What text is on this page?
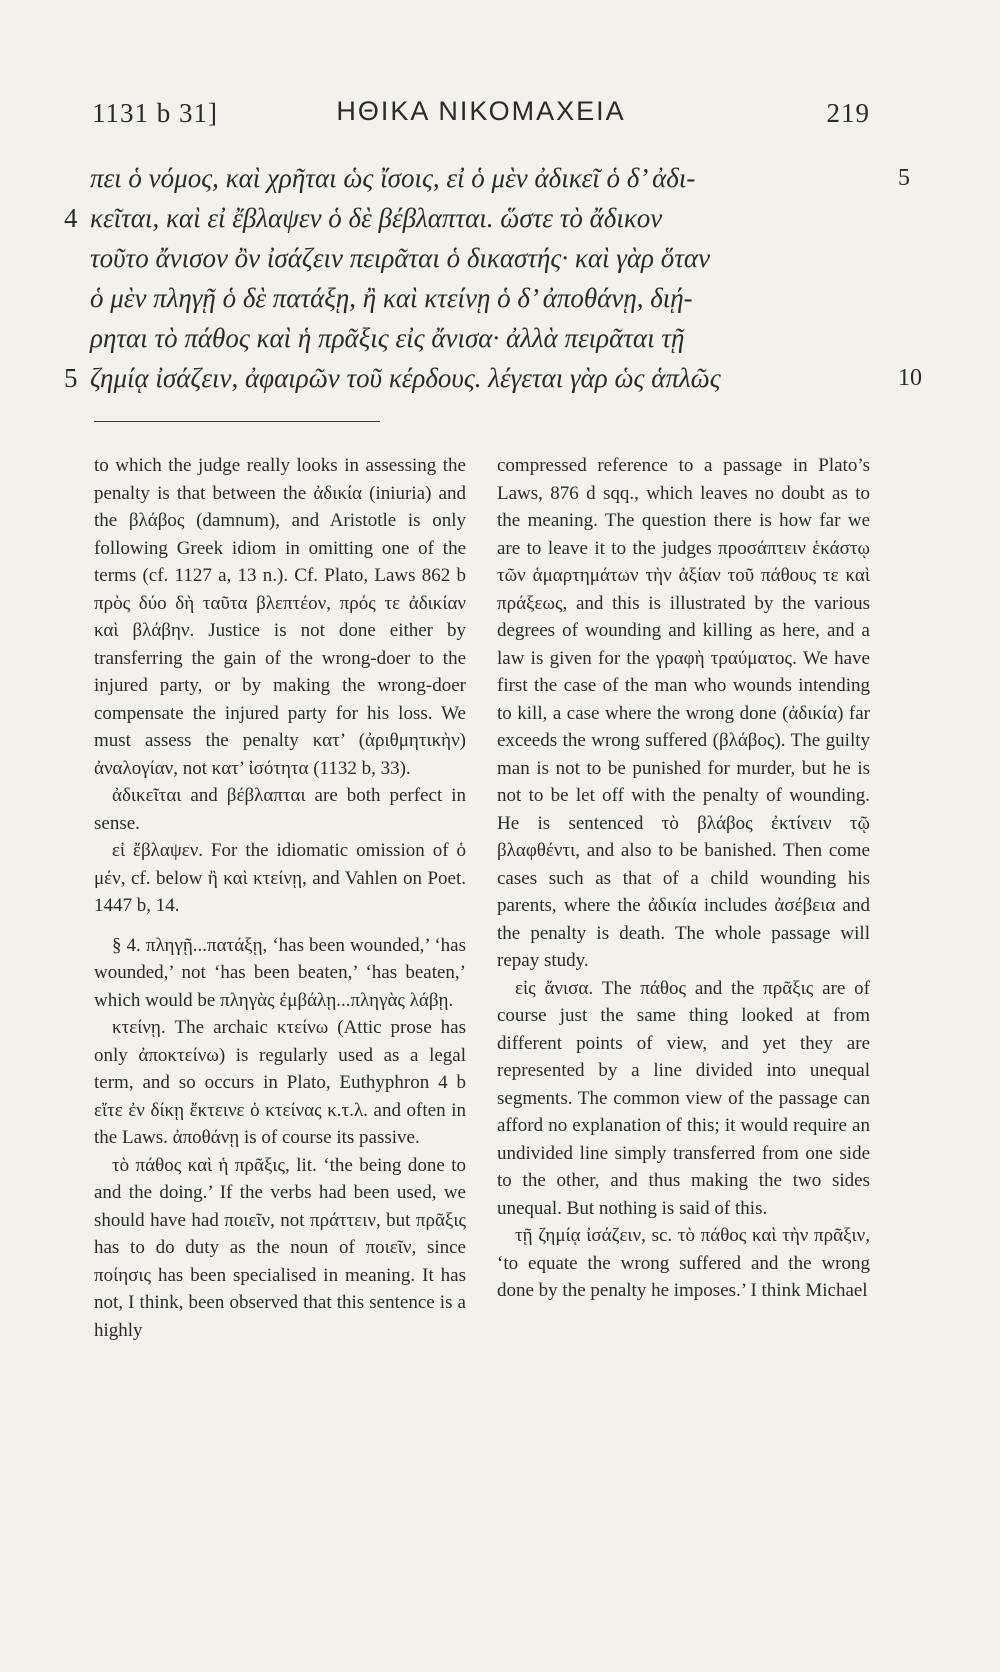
1131 b 31]	ΗΘΙΚΑ ΝΙΚΟΜΑΧΕΙΑ	219
πει ὁ νόμος, καὶ χρῆται ὡς ἴσοις, εἰ ὁ μὲν ἀδικεῖ ὁ δ’ ἀδι-	5
4 κεῖται, καὶ εἰ ἔβλαψεν ὁ δὲ βέβλαπται. ὥστε τὸ ἄδικον
τοῦτο ἄνισον ὂν ἰσάζειν πειρᾶται ὁ δικαστής· καὶ γὰρ ὅταν
ὁ μὲν πληγῇ ὁ δὲ πατάξῃ, ἢ καὶ κτείνῃ ὁ δ’ ἀποθάνῃ, διῄ-
ρηται τὸ πάθος καὶ ἡ πρᾶξις εἰς ἄνισα· ἀλλὰ πειρᾶται τῇ
5 ζημίᾳ ἰσάζειν, ἀφαιρῶν τοῦ κέρδους. λέγεται γὰρ ὡς ἁπλῶς	10

to which the judge really looks in assessing the penalty is that between the ἀδικία (iniuria) and the βλάβος (damnum), and Aristotle is only following Greek idiom in omitting one of the terms (cf. 1127 a, 13 n.). Cf. Plato, Laws 862 b πρὸς δύο δὴ ταῦτα βλεπτέον, πρός τε ἀδικίαν καὶ βλάβην. Justice is not done either by transferring the gain of the wrong-doer to the injured party, or by making the wrong-doer compensate the injured party for his loss. We must assess the penalty κατ’ (ἀριθμητικὴν) ἀναλογίαν, not κατ’ ἰσότητα (1132 b, 33).

ἀδικεῖται and βέβλαπται are both perfect in sense.

εἰ ἔβλαψεν. For the idiomatic omission of ὁ μέν, cf. below ἢ καὶ κτείνῃ, and Vahlen on Poet. 1447 b, 14.

§ 4. πληγῇ...πατάξῃ, ‘has been wounded,’ ‘has wounded,’ not ‘has been beaten,’ ‘has beaten,’ which would be πληγὰς ἐμβάλῃ...πληγὰς λάβῃ.

κτείνῃ. The archaic κτείνω (Attic prose has only ἀποκτείνω) is regularly used as a legal term, and so occurs in Plato, Euthyphron 4 b εἴτε ἐν δίκῃ ἔκτεινε ὁ κτείνας κ.τ.λ. and often in the Laws. ἀποθάνῃ is of course its passive.

τὸ πάθος καὶ ἡ πρᾶξις, lit. ‘the being done to and the doing.’ If the verbs had been used, we should have had ποιεῖν, not πράττειν, but πρᾶξις has to do duty as the noun of ποιεῖν, since ποίησις has been specialised in meaning. It has not, I think, been observed that this sentence is a highly

compressed reference to a passage in Plato’s Laws, 876 d sqq., which leaves no doubt as to the meaning. The question there is how far we are to leave it to the judges προσάπτειν ἑκάστῳ τῶν ἁμαρτημάτων τὴν ἀξίαν τοῦ πάθους τε καὶ πράξεως, and this is illustrated by the various degrees of wounding and killing as here, and a law is given for the γραφὴ τραύματος. We have first the case of the man who wounds intending to kill, a case where the wrong done (ἀδικία) far exceeds the wrong suffered (βλάβος). The guilty man is not to be punished for murder, but he is not to be let off with the penalty of wounding. He is sentenced τὸ βλάβος ἐκτίνειν τῷ βλαφθέντι, and also to be banished. Then come cases such as that of a child wounding his parents, where the ἀδικία includes ἀσέβεια and the penalty is death. The whole passage will repay study.

εἰς ἄνισα. The πάθος and the πρᾶξις are of course just the same thing looked at from different points of view, and yet they are represented by a line divided into unequal segments. The common view of the passage can afford no explanation of this; it would require an undivided line simply transferred from one side to the other, and thus making the two sides unequal. But nothing is said of this.

τῇ ζημίᾳ ἰσάζειν, sc. τὸ πάθος καὶ τὴν πρᾶξιν, ‘to equate the wrong suffered and the wrong done by the penalty he imposes.’ I think Michael
